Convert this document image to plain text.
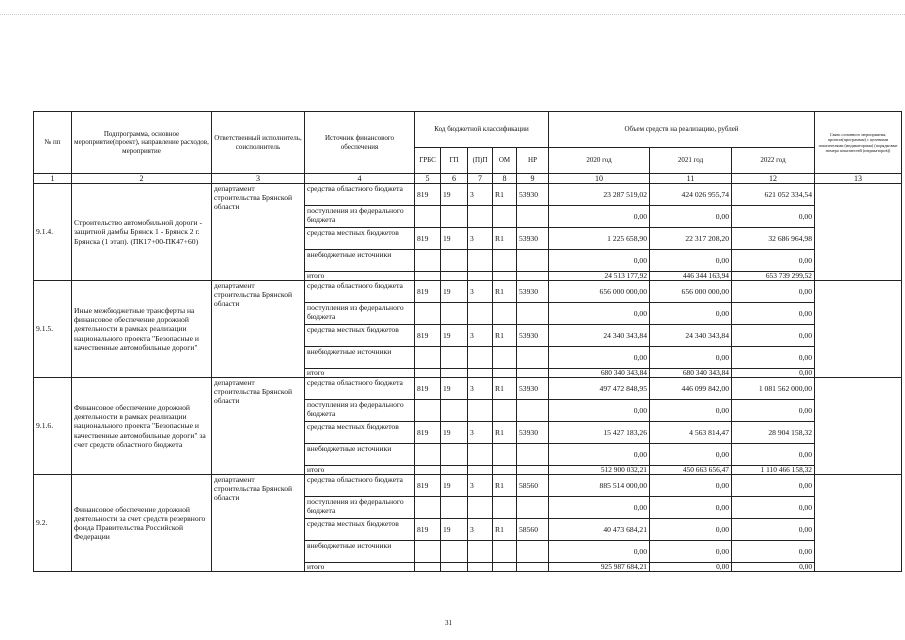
№ пп	Подпрограмма, основное мероприятие(проект), направление расходов, мероприятие	Ответственный исполнитель, соисполнитель	Источник финансового обеспечения	Код бюджетной классификации					Объем средств на реализацию, рублей			Связь основного мероприятия, проекта(программы) с целевыми показателями (индикаторами) (порядковые номера показателей (индикаторов))
				ГРБС	ГП	(П)П	ОМ	НР	2020 год	2021 год	2022 год	
1	2	3	4	5	6	7	8	9	10	11	12	13
9.1.4.	Строительство автомобильной дороги - защитной дамбы Брянск 1 - Брянск 2 г. Брянска (1 этап). (ПК17+00-ПК47+60)	департамент строительства Брянской области	средства областного бюджета	819	19	3	R1	53930	23 287 519,02	424 026 955,74	621 052 334,54	
			поступления из федерального бюджета						0,00	0,00	0,00	
			средства местных бюджетов	819	19	3	R1	53930	1 225 658,90	22 317 208,20	32 686 964,98	
			внебюджетные источники						0,00	0,00	0,00	
			итого						24 513 177,92	446 344 163,94	653 739 299,52	
9.1.5.	Иные межбюджетные трансферты на финансовое обеспечение дорожной деятельности в рамках реализации национального проекта "Безопасные и качественные автомобильные дороги"	департамент строительства Брянской области	средства областного бюджета	819	19	3	R1	53930	656 000 000,00	656 000 000,00	0,00	
			поступления из федерального бюджета						0,00	0,00	0,00	
			средства местных бюджетов	819	19	3	R1	53930	24 340 343,84	24 340 343,84	0,00	
			внебюджетные источники						0,00	0,00	0,00	
			итого						680 340 343,84	680 340 343,84	0,00	
9.1.6.	Финансовое обеспечение дорожной деятельности в рамках реализации национального проекта "Безопасные и качественные автомобильные дороги" за счет средств областного бюджета	департамент строительства Брянской области	средства областного бюджета	819	19	3	R1	53930	497 472 848,95	446 099 842,00	1 081 562 000,00	
			поступления из федерального бюджета						0,00	0,00	0,00	
			средства местных бюджетов	819	19	3	R1	53930	15 427 183,26	4 563 814,47	28 904 158,32	
			внебюджетные источники						0,00	0,00	0,00	
			итого						512 900 032,21	450 663 656,47	1 110 466 158,32	
9.2.	Финансовое обеспечение дорожной деятельности за счет средств резервного фонда Правительства Российской Федерации	департамент строительства Брянской области	средства областного бюджета	819	19	3	R1	58560	885 514 000,00	0,00	0,00	
			поступления из федерального бюджета						0,00	0,00	0,00	
			средства местных бюджетов	819	19	3	R1	58560	40 473 684,21	0,00	0,00	
			внебюджетные источники						0,00	0,00	0,00	
			итого						925 987 684,21	0,00	0,00	
31
